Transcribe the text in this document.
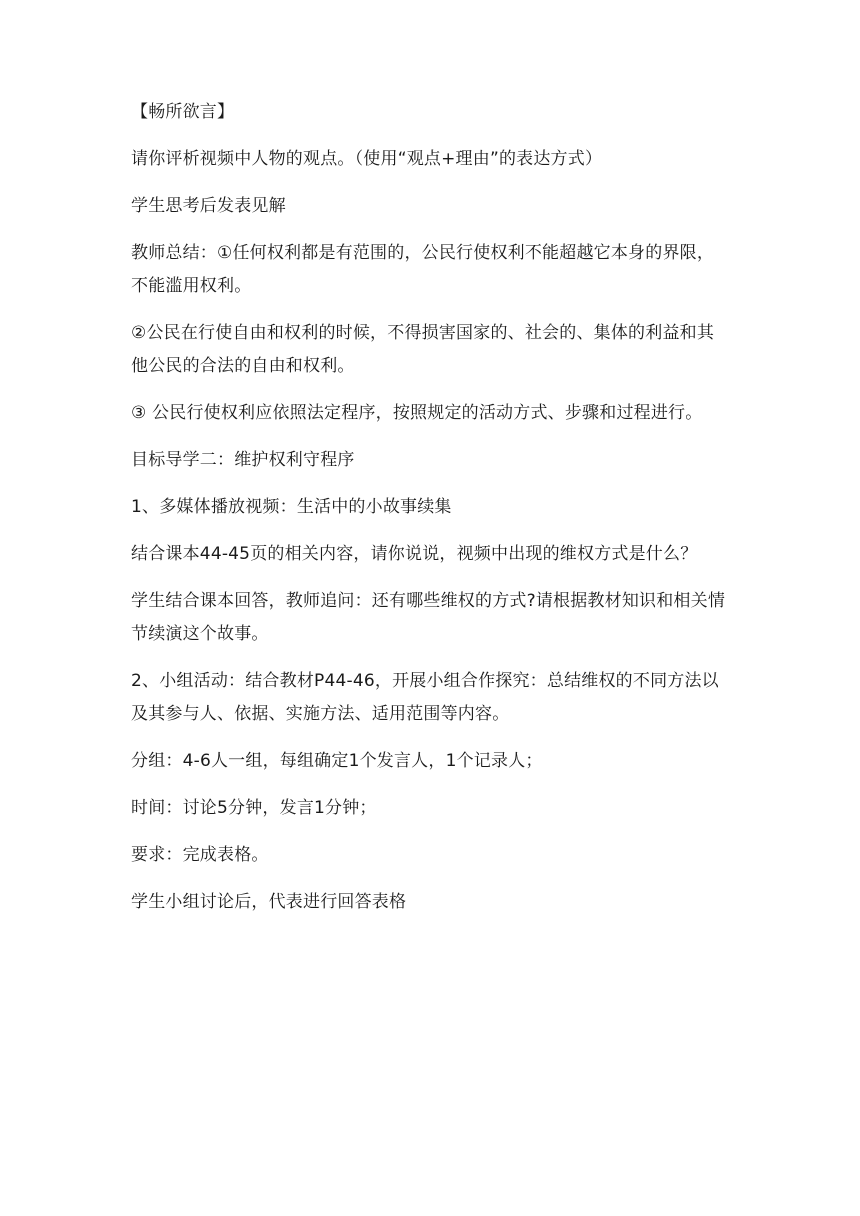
【畅所欲言】

请你评析视频中人物的观点。（使用“观点+理由”的表达方式）

学生思考后发表见解

教师总结：①任何权利都是有范围的，公民行使权利不能超越它本身的界限，不能滥用权利。

②公民在行使自由和权利的时候，不得损害国家的、社会的、集体的利益和其他公民的合法的自由和权利。

③ 公民行使权利应依照法定程序，按照规定的活动方式、步骤和过程进行。

目标导学二：维护权利守程序

1、多媒体播放视频：生活中的小故事续集

结合课本44-45页的相关内容，请你说说，视频中出现的维权方式是什么？

学生结合课本回答，教师追问：还有哪些维权的方式?请根据教材知识和相关情节续演这个故事。

2、小组活动：结合教材P44-46，开展小组合作探究：总结维权的不同方法以及其参与人、依据、实施方法、适用范围等内容。

分组：4-6人一组，每组确定1个发言人，1个记录人；

时间：讨论5分钟，发言1分钟；

要求：完成表格。

学生小组讨论后，代表进行回答表格
